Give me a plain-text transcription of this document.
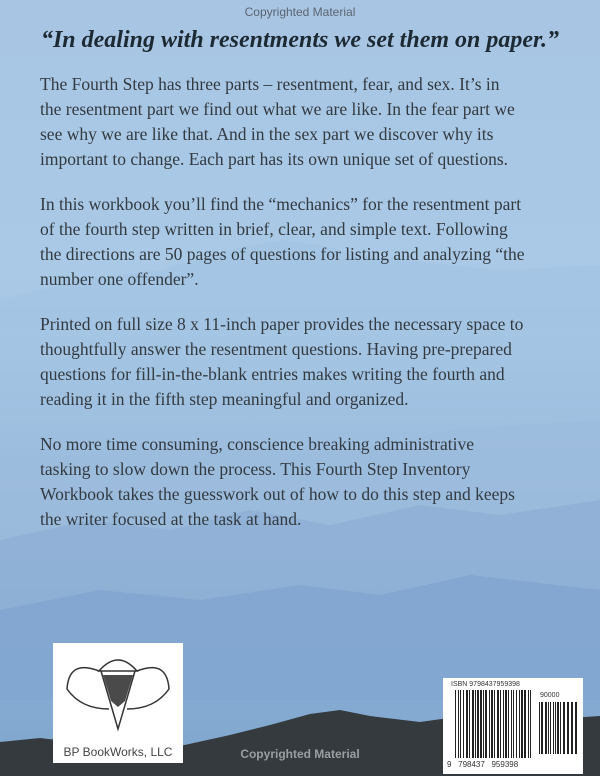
Copyrighted Material
“In dealing with resentments we set them on paper.”
The Fourth Step has three parts – resentment, fear, and sex. It’s in
the resentment part we find out what we are like. In the fear part we
see why we are like that. And in the sex part we discover why its
important to change. Each part has its own unique set of questions.
In this workbook you’ll find the “mechanics” for the resentment part
of the fourth step written in brief, clear, and simple text. Following
the directions are 50 pages of questions for listing and analyzing “the
number one offender”.
Printed on full size 8 x 11-inch paper provides the necessary space to
thoughtfully answer the resentment questions. Having pre-prepared
questions for fill-in-the-blank entries makes writing the fourth and
reading it in the fifth step meaningful and organized.
No more time consuming, conscience breaking administrative
tasking to slow down the process. This Fourth Step Inventory
Workbook takes the guesswork out of how to do this step and keeps
the writer focused at the task at hand.
BP BookWorks, LLC
ISBN 9798437959398
90000
9   798437   959398
Copyrighted Material
